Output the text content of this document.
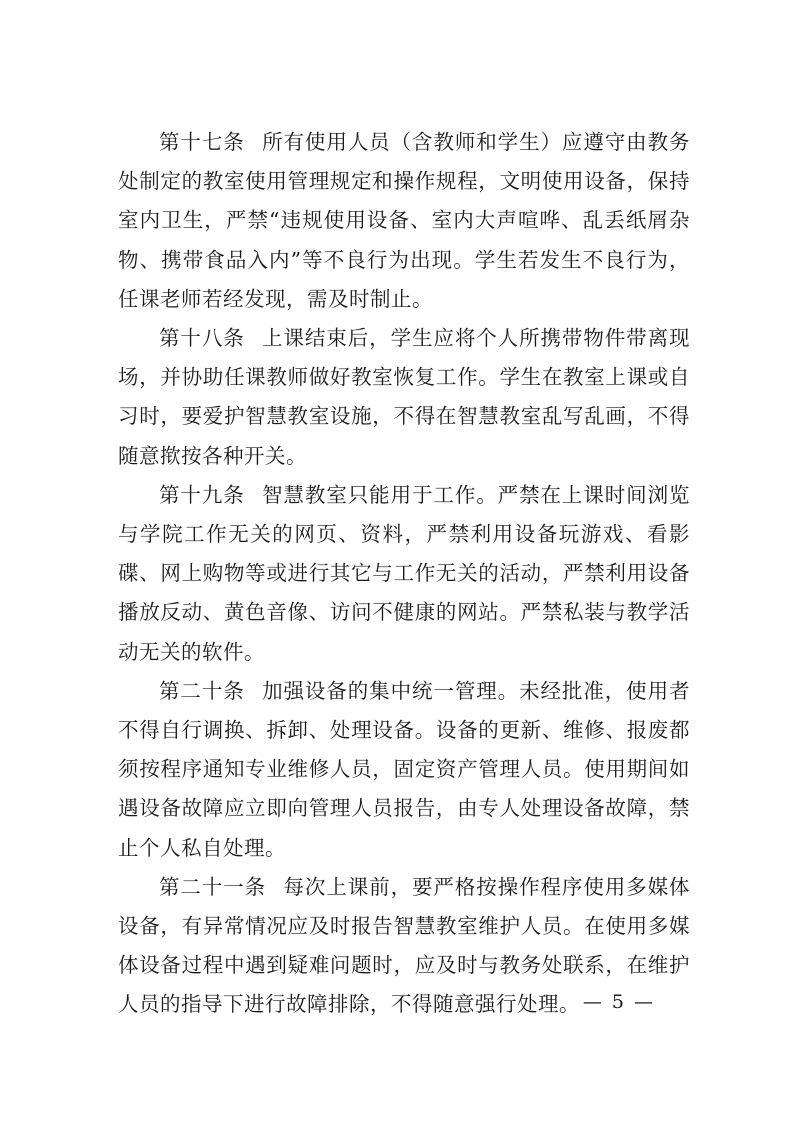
第十七条 所有使用人员（含教师和学生）应遵守由教务处制定的教室使用管理规定和操作规程，文明使用设备，保持室内卫生，严禁“违规使用设备、室内大声喧哗、乱丢纸屑杂物、携带食品入内”等不良行为出现。学生若发生不良行为，任课老师若经发现，需及时制止。

第十八条 上课结束后，学生应将个人所携带物件带离现场，并协助任课教师做好教室恢复工作。学生在教室上课或自习时，要爱护智慧教室设施，不得在智慧教室乱写乱画，不得随意揿按各种开关。

第十九条 智慧教室只能用于工作。严禁在上课时间浏览与学院工作无关的网页、资料，严禁利用设备玩游戏、看影碟、网上购物等或进行其它与工作无关的活动，严禁利用设备播放反动、黄色音像、访问不健康的网站。严禁私装与教学活动无关的软件。

第二十条 加强设备的集中统一管理。未经批准，使用者不得自行调换、拆卸、处理设备。设备的更新、维修、报废都须按程序通知专业维修人员，固定资产管理人员。使用期间如遇设备故障应立即向管理人员报告，由专人处理设备故障，禁止个人私自处理。

第二十一条 每次上课前，要严格按操作程序使用多媒体设备，有异常情况应及时报告智慧教室维护人员。在使用多媒体设备过程中遇到疑难问题时，应及时与教务处联系，在维护人员的指导下进行故障排除，不得随意强行处理。 — 5 —
